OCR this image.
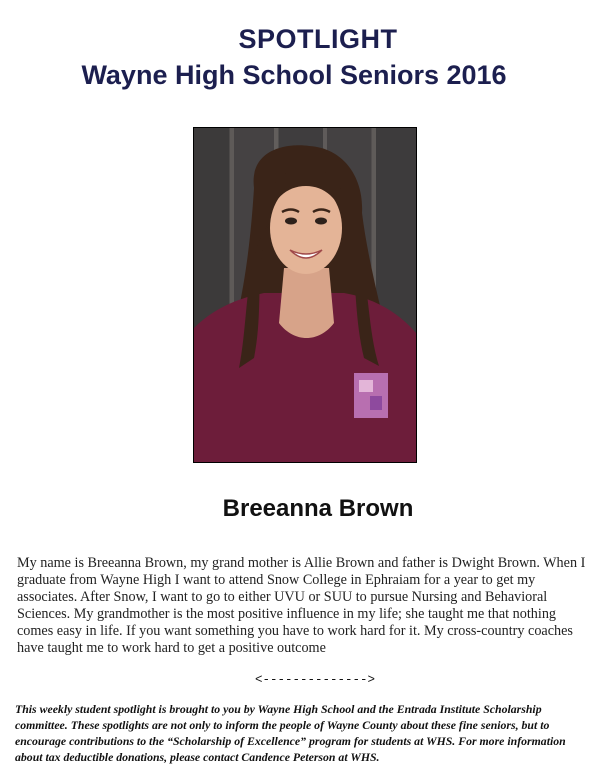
SPOTLIGHT
Wayne High School Seniors 2016
Breeanna Brown

My name is Breeanna Brown, my grand mother is Allie Brown and father is Dwight Brown. When I graduate from Wayne High I want to attend Snow College in Ephraiam for a year to get my associates. After Snow, I want to go to either UVU or SUU to pursue Nursing and Behavioral Sciences. My grandmother is the most positive influence in my life; she taught me that nothing comes easy in life. If you want something you have to work hard for it. My cross-country coaches have taught me to work hard to get a positive outcome

<-------------->

This weekly student spotlight is brought to you by Wayne High School and the Entrada Institute Scholarship committee. These spotlights are not only to inform the people of Wayne County about these fine seniors, but to encourage contributions to the “Scholarship of Excellence” program for students at WHS. For more information about tax deductible donations, please contact Candence Peterson at WHS.
